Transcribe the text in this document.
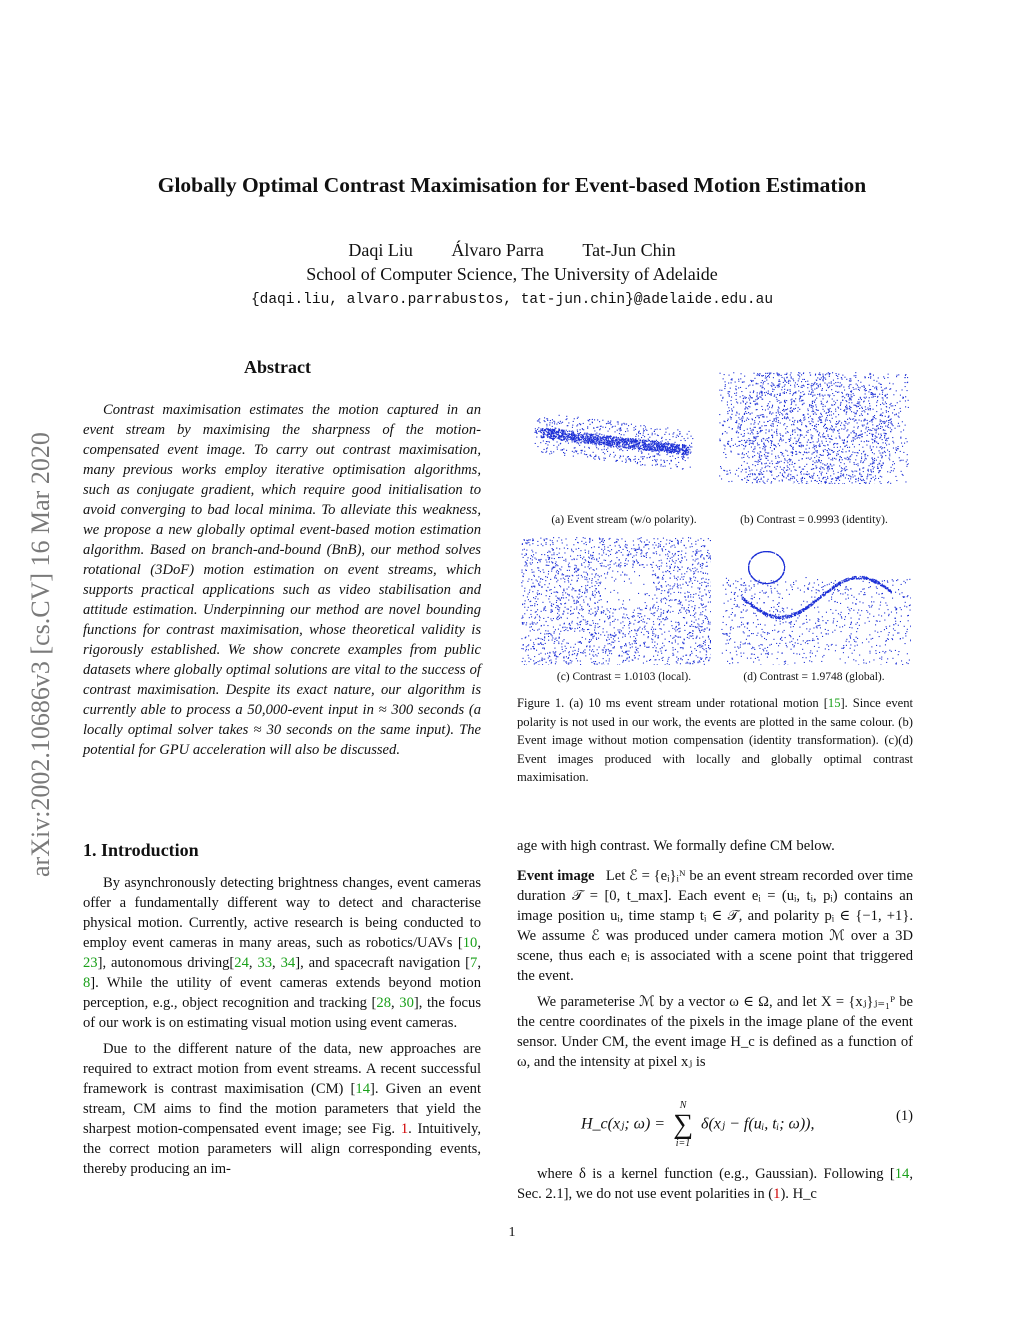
Globally Optimal Contrast Maximisation for Event-based Motion Estimation
Daqi Liu Álvaro Parra Tat-Jun Chin
School of Computer Science, The University of Adelaide
{daqi.liu, alvaro.parrabustos, tat-jun.chin}@adelaide.edu.au
arXiv:2002.10686v3 [cs.CV] 16 Mar 2020
Abstract

Contrast maximisation estimates the motion captured in an event stream by maximising the sharpness of the motion-compensated event image. To carry out contrast maximisation, many previous works employ iterative optimisation algorithms, such as conjugate gradient, which require good initialisation to avoid converging to bad local minima. To alleviate this weakness, we propose a new globally optimal event-based motion estimation algorithm. Based on branch-and-bound (BnB), our method solves rotational (3DoF) motion estimation on event streams, which supports practical applications such as video stabilisation and attitude estimation. Underpinning our method are novel bounding functions for contrast maximisation, whose theoretical validity is rigorously established. We show concrete examples from public datasets where globally optimal solutions are vital to the success of contrast maximisation. Despite its exact nature, our algorithm is currently able to process a 50,000-event input in ≈ 300 seconds (a locally optimal solver takes ≈ 30 seconds on the same input). The potential for GPU acceleration will also be discussed.

(a) Event stream (w/o polarity).	(b) Contrast = 0.9993 (identity).
(c) Contrast = 1.0103 (local).	(d) Contrast = 1.9748 (global).
Figure 1. (a) 10 ms event stream under rotational motion [15]. Since event polarity is not used in our work, the events are plotted in the same colour. (b) Event image without motion compensation (identity transformation). (c)(d) Event images produced with locally and globally optimal contrast maximisation.
1. Introduction

By asynchronously detecting brightness changes, event cameras offer a fundamentally different way to detect and characterise physical motion. Currently, active research is being conducted to employ event cameras in many areas, such as robotics/UAVs [10, 23], autonomous driving[24, 33, 34], and spacecraft navigation [7, 8]. While the utility of event cameras extends beyond motion perception, e.g., object recognition and tracking [28, 30], the focus of our work is on estimating visual motion using event cameras.

Due to the different nature of the data, new approaches are required to extract motion from event streams. A recent successful framework is contrast maximisation (CM) [14]. Given an event stream, CM aims to find the motion parameters that yield the sharpest motion-compensated event image; see Fig. 1. Intuitively, the correct motion parameters will align corresponding events, thereby producing an im-

age with high contrast. We formally define CM below.

Event image Let ℰ = {eᵢ}ᵢᴺ be an event stream recorded over time duration 𝒯 = [0, t_max]. Each event eᵢ = (uᵢ, tᵢ, pᵢ) contains an image position uᵢ, time stamp tᵢ ∈ 𝒯, and polarity pᵢ ∈ {−1, +1}. We assume ℰ was produced under camera motion ℳ over a 3D scene, thus each eᵢ is associated with a scene point that triggered the event.

We parameterise ℳ by a vector ω ∈ Ω, and let X = {xⱼ}ⱼ₌₁ᴾ be the centre coordinates of the pixels in the image plane of the event sensor. Under CM, the event image H_c is defined as a function of ω, and the intensity at pixel xⱼ is

H_c(xⱼ; ω) =
N
∑
i=1
δ(xⱼ − f(uᵢ, tᵢ; ω)),	(1)

where δ is a kernel function (e.g., Gaussian). Following [14, Sec. 2.1], we do not use event polarities in (1). H_c

1
